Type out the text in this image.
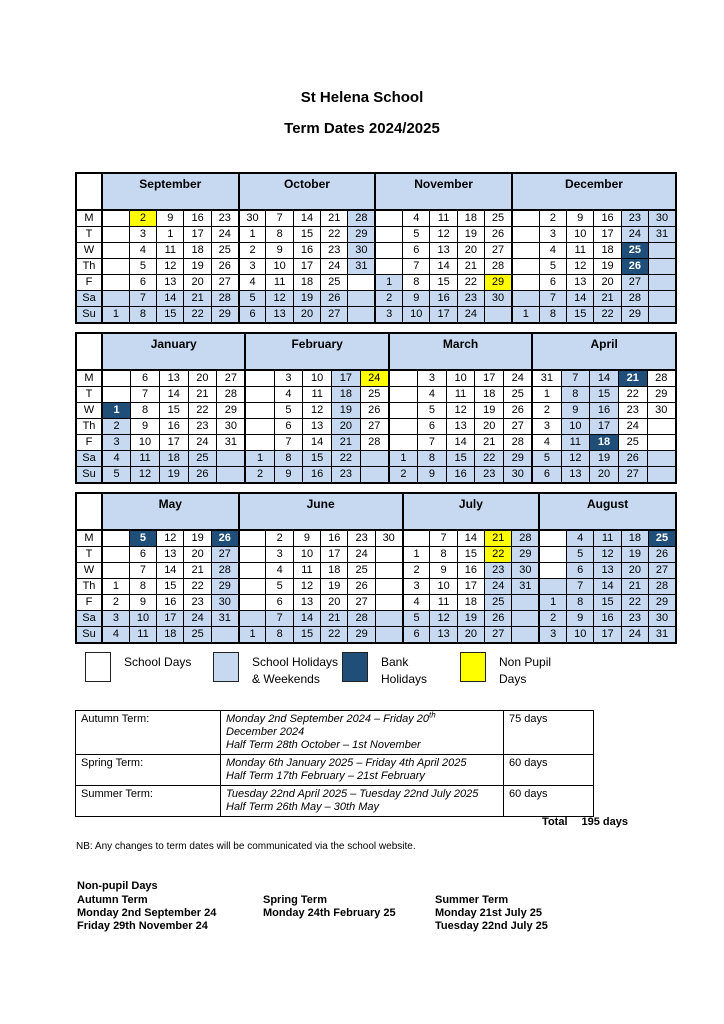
St Helena School
Term Dates 2024/2025
	September					October					November					December					
M		2	9	16	23	30	7	14	21	28		4	11	18	25		2	9	16	23	30
T		3	1	17	24	1	8	15	22	29		5	12	19	26		3	10	17	24	31
W		4	11	18	25	2	9	16	23	30		6	13	20	27		4	11	18	25	
Th		5	12	19	26	3	10	17	24	31		7	14	21	28		5	12	19	26	
F		6	13	20	27	4	11	18	25		1	8	15	22	29		6	13	20	27	
Sa		7	14	21	28	5	12	19	26		2	9	16	23	30		7	14	21	28	
Su	1	8	15	22	29	6	13	20	27		3	10	17	24		1	8	15	22	29	
	January					February					March					April				
M		6	13	20	27		3	10	17	24		3	10	17	24	31	7	14	21	28
T		7	14	21	28		4	11	18	25		4	11	18	25	1	8	15	22	29
W	1	8	15	22	29		5	12	19	26		5	12	19	26	2	9	16	23	30
Th	2	9	16	23	30		6	13	20	27		6	13	20	27	3	10	17	24	
F	3	10	17	24	31		7	14	21	28		7	14	21	28	4	11	18	25	
Sa	4	11	18	25		1	8	15	22		1	8	15	22	29	5	12	19	26	
Su	5	12	19	26		2	9	16	23		2	9	16	23	30	6	13	20	27	
	May					June						July					August				
M		5	12	19	26		2	9	16	23	30		7	14	21	28		4	11	18	25
T		6	13	20	27		3	10	17	24		1	8	15	22	29		5	12	19	26
W		7	14	21	28		4	11	18	25		2	9	16	23	30		6	13	20	27
Th	1	8	15	22	29		5	12	19	26		3	10	17	24	31		7	14	21	28
F	2	9	16	23	30		6	13	20	27		4	11	18	25		1	8	15	22	29
Sa	3	10	17	24	31		7	14	21	28		5	12	19	26		2	9	16	23	30
Su	4	11	18	25		1	8	15	22	29		6	13	20	27		3	10	17	24	31
School Days	School Holidays
& Weekends
Bank
Holidays
Non Pupil
Days
Autumn Term:	Monday 2nd September 2024 – Friday 20th
December 2024
Half Term 28th October – 1st November	75 days
Spring Term:	Monday 6th January 2025 – Friday 4th April 2025
Half Term 17th February – 21st February	60 days
Summer Term:	Tuesday 22nd April 2025 – Tuesday 22nd July 2025
Half Term 26th May – 30th May	60 days
Total 195 days
NB: Any changes to term dates will be communicated via the school website.
Non-pupil Days
Autumn Term
Monday 2nd September 24
Friday 29th November 24
Spring Term
Monday 24th February 25
Summer Term
Monday 21st July 25
Tuesday 22nd July 25
